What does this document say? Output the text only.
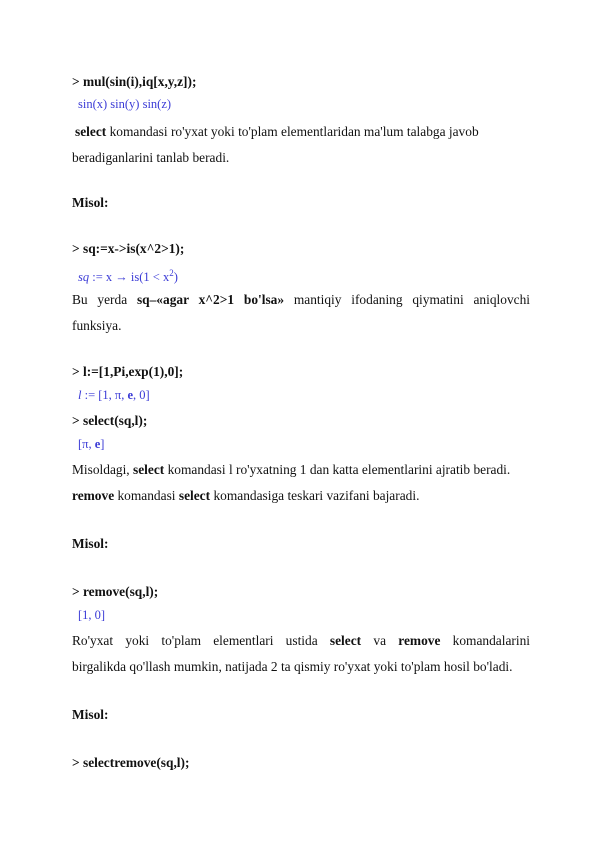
> mul(sin(i),iq[x,y,z]);
sin(x) sin(y) sin(z)
select komandasi ro'yxat yoki to'plam elementlaridan ma'lum talabga javob
beradiganlarini tanlab beradi.
Misol:
> sq:=x->is(x^2>1);
sq := $x \to is(1 < x^2)$
Bu yerda sq–«agar x^2>1 bo'lsa» mantiqiy ifodaning qiymatini aniqlovchi
funksiya.
> l:=[1,Pi,exp(1),0];
l := [1, π, e, 0]
> select(sq,l);
[π, e]
Misoldagi, select komandasi l ro'yxatning 1 dan katta elementlarini ajratib beradi.
remove komandasi select komandasiga teskari vazifani bajaradi.
Misol:
> remove(sq,l);
[1, 0]
Ro'yxat yoki to'plam elementlari ustida select va remove komandalarini
birgalikda qo'llash mumkin, natijada 2 ta qismiy ro'yxat yoki to'plam hosil bo'ladi.
Misol:
> selectremove(sq,l);
